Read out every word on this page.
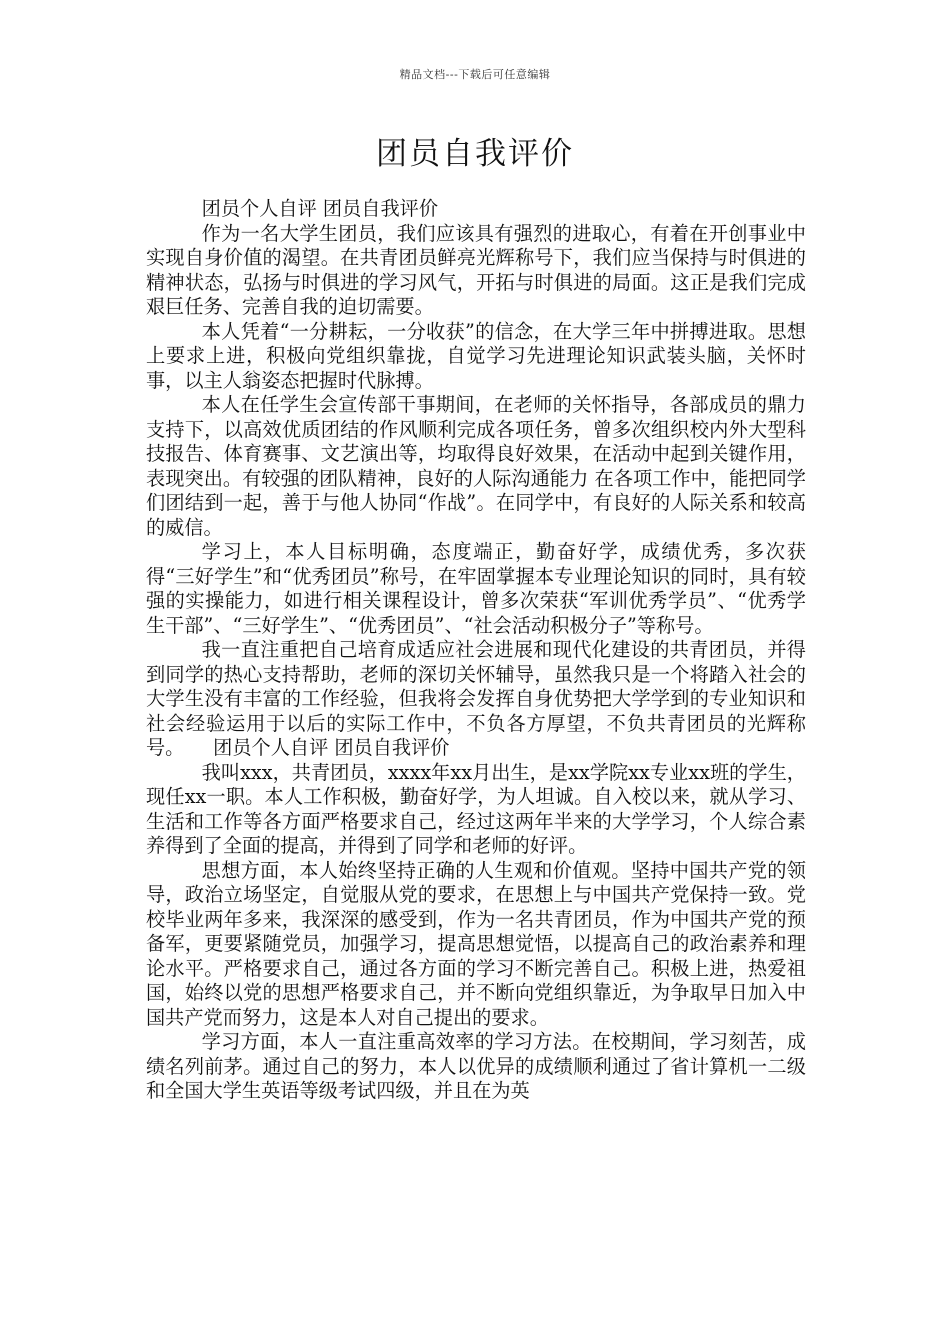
精品文档---下载后可任意编辑
团员自我评价

团员个人自评 团员自我评价

作为一名大学生团员，我们应该具有强烈的进取心，有着在开创事业中实现自身价值的渴望。在共青团员鲜亮光辉称号下，我们应当保持与时俱进的精神状态，弘扬与时俱进的学习风气，开拓与时俱进的局面。这正是我们完成艰巨任务、完善自我的迫切需要。

本人凭着“一分耕耘，一分收获”的信念，在大学三年中拼搏进取。思想上要求上进，积极向党组织靠拢，自觉学习先进理论知识武装头脑，关怀时事，以主人翁姿态把握时代脉搏。

本人在任学生会宣传部干事期间，在老师的关怀指导，各部成员的鼎力支持下，以高效优质团结的作风顺利完成各项任务，曾多次组织校内外大型科技报告、体育赛事、文艺演出等，均取得良好效果，在活动中起到关键作用，表现突出。有较强的团队精神，良好的人际沟通能力 在各项工作中，能把同学们团结到一起，善于与他人协同“作战”。在同学中，有良好的人际关系和较高的威信。

学习上，本人目标明确，态度端正，勤奋好学，成绩优秀，多次获得“三好学生”和“优秀团员”称号，在牢固掌握本专业理论知识的同时，具有较强的实操能力，如进行相关课程设计，曾多次荣获“军训优秀学员”、“优秀学生干部”、“三好学生”、“优秀团员”、“社会活动积极分子”等称号。

我一直注重把自己培育成适应社会进展和现代化建设的共青团员，并得到同学的热心支持帮助，老师的深切关怀辅导，虽然我只是一个将踏入社会的大学生没有丰富的工作经验，但我将会发挥自身优势把大学学到的专业知识和社会经验运用于以后的实际工作中，不负各方厚望，不负共青团员的光辉称号。　　团员个人自评 团员自我评价

我叫xxx，共青团员，xxxx年xx月出生，是xx学院xx专业xx班的学生，现任xx一职。本人工作积极，勤奋好学，为人坦诚。自入校以来，就从学习、生活和工作等各方面严格要求自己，经过这两年半来的大学学习，个人综合素养得到了全面的提高，并得到了同学和老师的好评。

思想方面，本人始终坚持正确的人生观和价值观。坚持中国共产党的领导，政治立场坚定，自觉服从党的要求，在思想上与中国共产党保持一致。党校毕业两年多来，我深深的感受到，作为一名共青团员，作为中国共产党的预备军，更要紧随党员，加强学习，提高思想觉悟，以提高自己的政治素养和理论水平。严格要求自己，通过各方面的学习不断完善自己。积极上进，热爱祖国，始终以党的思想严格要求自己，并不断向党组织靠近，为争取早日加入中国共产党而努力，这是本人对自己提出的要求。

学习方面，本人一直注重高效率的学习方法。在校期间，学习刻苦，成绩名列前茅。通过自己的努力，本人以优异的成绩顺利通过了省计算机一二级和全国大学生英语等级考试四级，并且在为英
